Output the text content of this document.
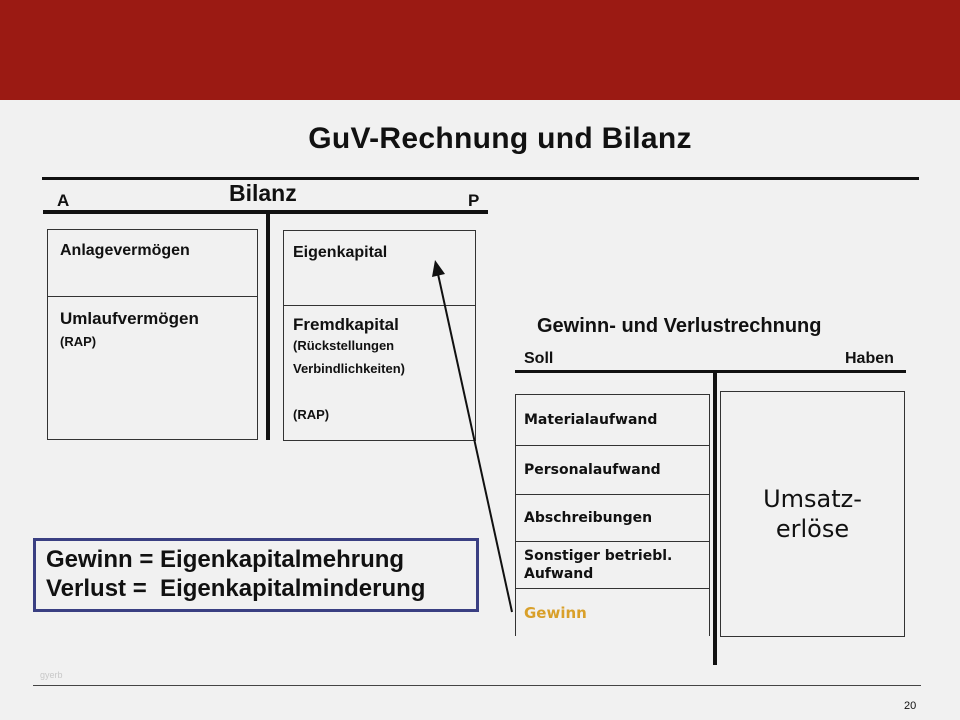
GuV-Rechnung und Bilanz
Bilanz
A	P
Anlagevermögen
Umlaufvermögen
(RAP)
Eigenkapital
Fremdkapital
(Rückstellungen
Verbindlichkeiten)
(RAP)
Gewinn- und Verlustrechnung
Soll	Haben
Materialaufwand
Personalaufwand
Abschreibungen
Sonstiger betriebl.
Aufwand
Gewinn
Umsatz-
erlöse
Gewinn = Eigenkapitalmehrung
Verlust =  Eigenkapitalminderung
gyerb
20
